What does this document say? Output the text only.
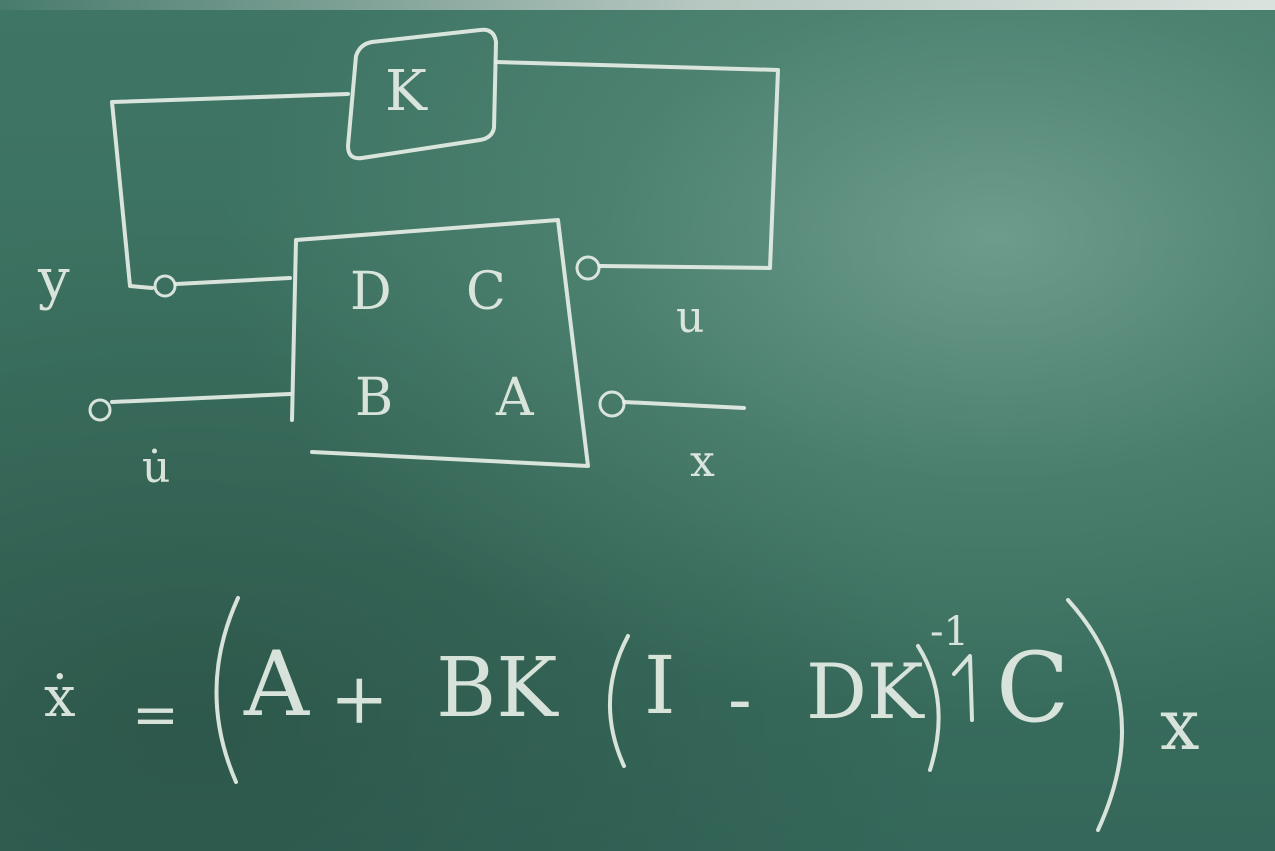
K
D C
B A
y
u̇
u
x
ẋ = A + BK I - DK
-1 C x
